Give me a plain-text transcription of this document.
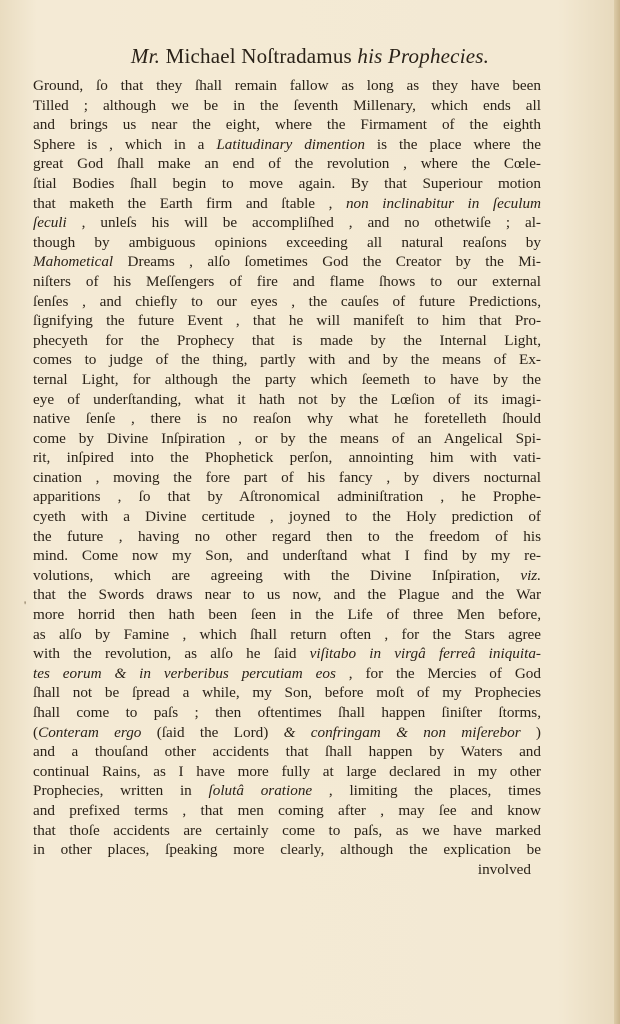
Mr. Michael Noſtradamus his Prophecies.
'
Ground, ſo that they ſhall remain fallow as long as they have been
Tilled ; although we be in the ſeventh Millenary, which ends all
and brings us near the eight, where the Firmament of the eighth
Sphere is , which in a Latitudinary dimention is the place where the
great God ſhall make an end of the revolution , where the Cœle-
ſtial Bodies ſhall begin to move again. By that Superiour motion
that maketh the Earth firm and ſtable , non inclinabitur in ſeculum
ſeculi , unleſs his will be accompliſhed , and no othetwiſe ; al-
though by ambiguous opinions exceeding all natural reaſons by
Mahometical Dreams , alſo ſometimes God the Creator by the Mi-
niſters of his Meſſengers of fire and flame ſhows to our external
ſenſes , and chiefly to our eyes , the cauſes of future Predictions,
ſignifying the future Event , that he will manifeſt to him that Pro-
phecyeth for the Prophecy that is made by the Internal Light,
comes to judge of the thing, partly with and by the means of Ex-
ternal Light, for although the party which ſeemeth to have by the
eye of underſtanding, what it hath not by the Lœſion of its imagi-
native ſenſe , there is no reaſon why what he foretelleth ſhould
come by Divine Inſpiration , or by the means of an Angelical Spi-
rit, inſpired into the Phophetick perſon, annointing him with vati-
cination , moving the fore part of his fancy , by divers nocturnal
apparitions , ſo that by Aſtronomical adminiſtration , he Prophe-
cyeth with a Divine certitude , joyned to the Holy prediction of
the future , having no other regard then to the freedom of his
mind. Come now my Son, and underſtand what I find by my re-
volutions, which are agreeing with the Divine Inſpiration, viz.
that the Swords draws near to us now, and the Plague and the War
more horrid then hath been ſeen in the Life of three Men before,
as alſo by Famine , which ſhall return often , for the Stars agree
with the revolution, as alſo he ſaid viſitabo in virgâ ferreâ iniquita-
tes eorum & in verberibus percutiam eos , for the Mercies of God
ſhall not be ſpread a while, my Son, before moſt of my Prophecies
ſhall come to paſs ; then oftentimes ſhall happen ſiniſter ſtorms,
(Conteram ergo (ſaid the Lord) & confringam & non miſerebor )
and a thouſand other accidents that ſhall happen by Waters and
continual Rains, as I have more fully at large declared in my other
Prophecies, written in ſolutâ oratione , limiting the places, times
and prefixed terms , that men coming after , may ſee and know
that thoſe accidents are certainly come to paſs, as we have marked
in other places, ſpeaking more clearly, although the explication be
involved
